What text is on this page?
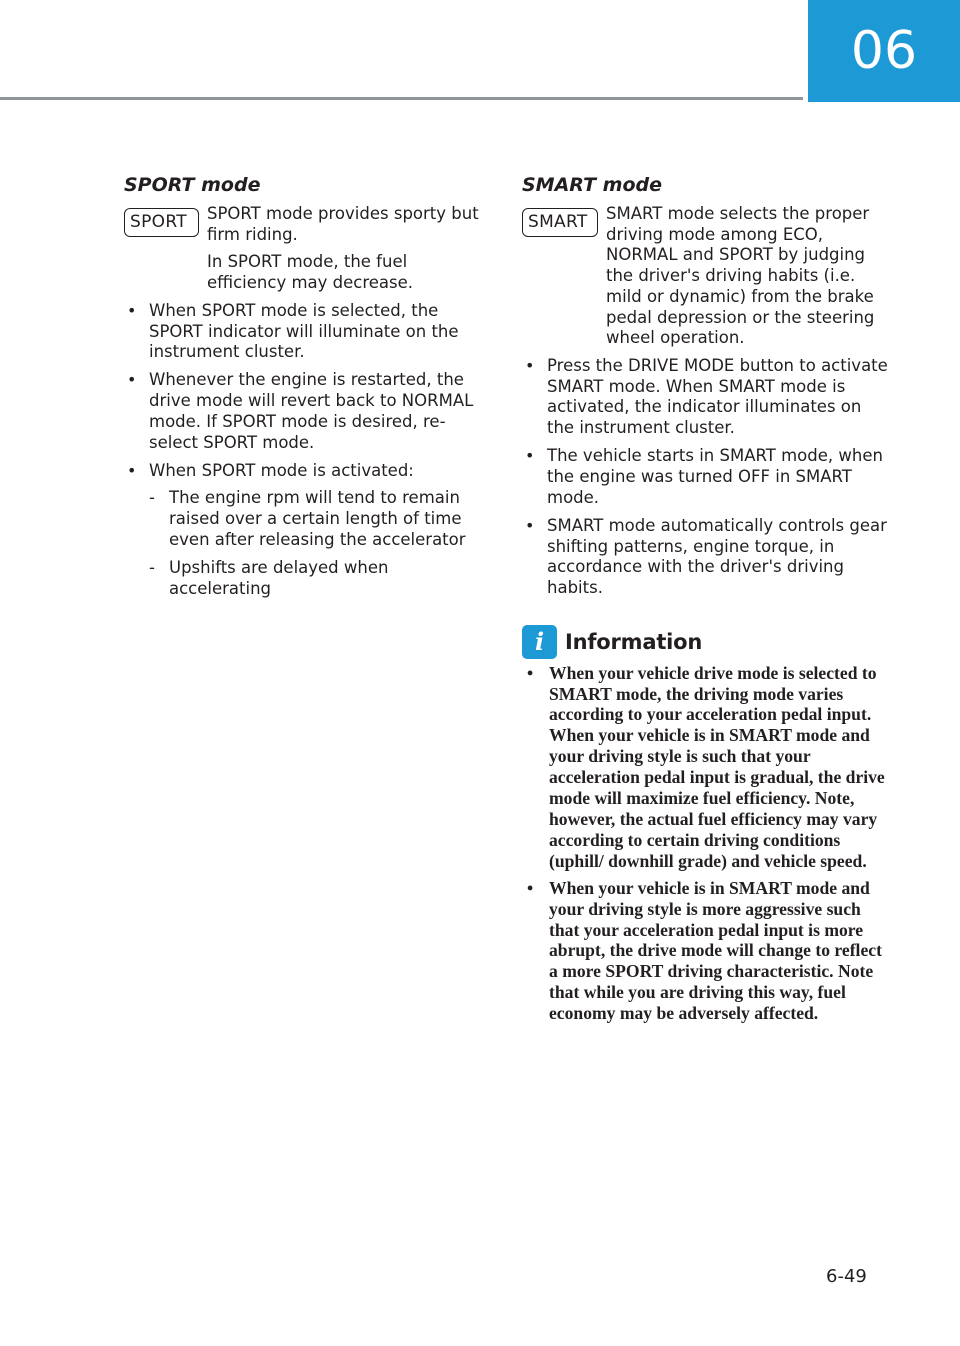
06
SPORT mode
SPORT	SPORT mode provides sporty but firm riding.

In SPORT mode, the fuel efficiency may decrease.

• When SPORT mode is selected, the SPORT indicator will illuminate on the instrument cluster.
• Whenever the engine is restarted, the drive mode will revert back to NORMAL mode. If SPORT mode is desired, re-select SPORT mode.
• When SPORT mode is activated:
- The engine rpm will tend to remain raised over a certain length of time even after releasing the accelerator
- Upshifts are delayed when accelerating
SMART mode
SMART	SMART mode selects the proper driving mode among ECO, NORMAL and SPORT by judging the driver's driving habits (i.e. mild or dynamic) from the brake pedal depression or the steering wheel operation.

• Press the DRIVE MODE button to activate SMART mode. When SMART mode is activated, the indicator illuminates on the instrument cluster.
• The vehicle starts in SMART mode, when the engine was turned OFF in SMART mode.
• SMART mode automatically controls gear shifting patterns, engine torque, in accordance with the driver's driving habits.
i Information
• When your vehicle drive mode is selected to SMART mode, the driving mode varies according to your acceleration pedal input. When your vehicle is in SMART mode and your driving style is such that your acceleration pedal input is gradual, the drive mode will maximize fuel efficiency. Note, however, the actual fuel efficiency may vary according to certain driving conditions (uphill/ downhill grade) and vehicle speed.
• When your vehicle is in SMART mode and your driving style is more aggressive such that your acceleration pedal input is more abrupt, the drive mode will change to reflect a more SPORT driving characteristic. Note that while you are driving this way, fuel economy may be adversely affected.
6-49
